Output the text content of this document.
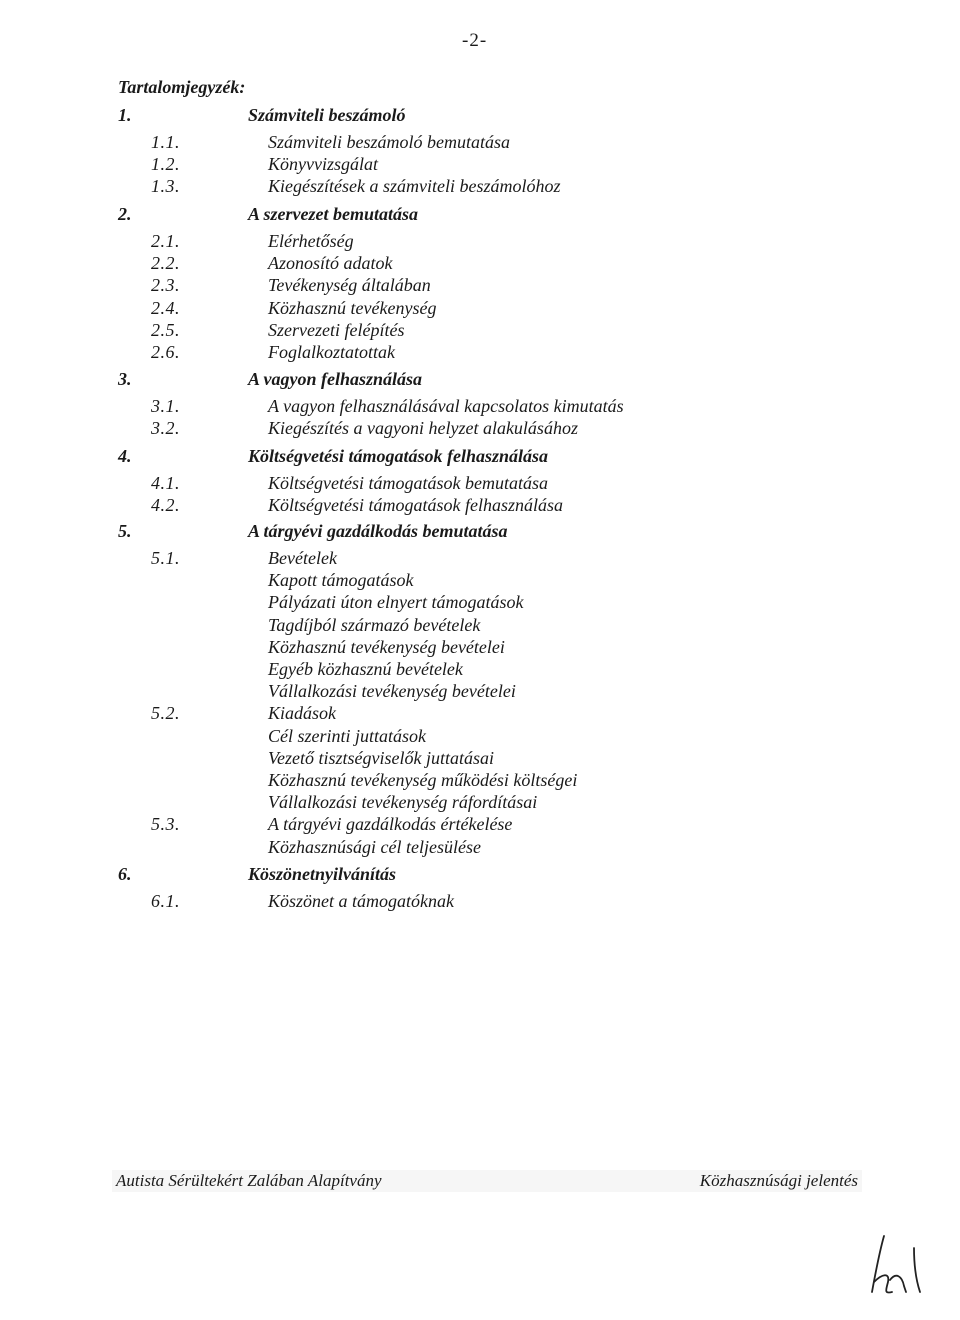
-2-
Tartalomjegyzék:
1.	Számviteli beszámoló
1.1.	Számviteli beszámoló bemutatása
1.2.	Könyvvizsgálat
1.3.	Kiegészítések a számviteli beszámolóhoz
2.	A szervezet bemutatása
2.1.	Elérhetőség
2.2.	Azonosító adatok
2.3.	Tevékenység általában
2.4.	Közhasznú tevékenység
2.5.	Szervezeti felépítés
2.6.	Foglalkoztatottak
3.	A vagyon felhasználása
3.1.	A vagyon felhasználásával kapcsolatos kimutatás
3.2.	Kiegészítés a vagyoni helyzet alakulásához
4.	Költségvetési támogatások felhasználása
4.1.	Költségvetési támogatások bemutatása
4.2.	Költségvetési támogatások felhasználása
5.	A tárgyévi gazdálkodás bemutatása
5.1.	Bevételek
Kapott támogatások
Pályázati úton elnyert támogatások
Tagdíjból származó bevételek
Közhasznú tevékenység bevételei
Egyéb közhasznú bevételek
Vállalkozási tevékenység bevételei
5.2.	Kiadások
Cél szerinti juttatások
Vezető tisztségviselők juttatásai
Közhasznú tevékenység működési költségei
Vállalkozási tevékenység ráfordításai
5.3.	A tárgyévi gazdálkodás értékelése
Közhasznúsági cél teljesülése
6.	Köszönetnyilvánítás
6.1.	Köszönet a támogatóknak
Autista Sérültekért Zalában Alapítvány	Közhasznúsági jelentés
